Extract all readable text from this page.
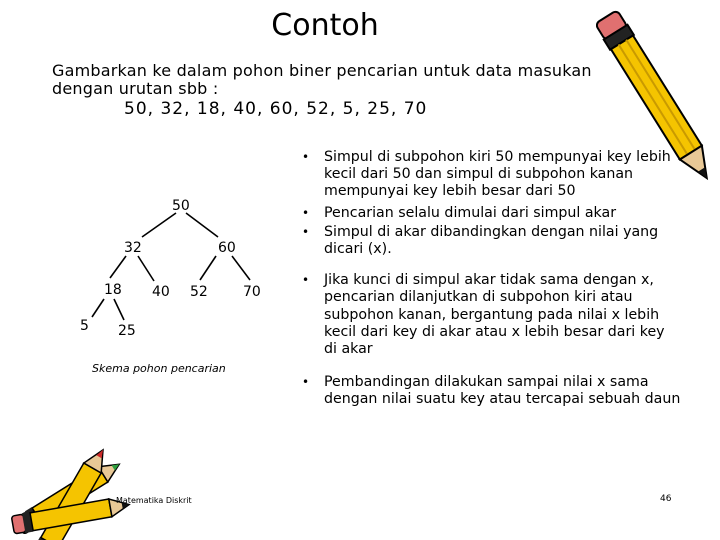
Contoh
Gambarkan ke dalam pohon biner pencarian untuk data masukan
dengan urutan sbb :
50, 32, 18, 40, 60, 52, 5, 25, 70
50
32	60
18 40 52	70
5 25
Skema pohon pencarian
• Simpul di subpohon kiri 50 mempunyai key lebih kecil dari 50 dan simpul di subpohon kanan mempunyai key lebih besar dari 50
• Pencarian selalu dimulai dari simpul akar
• Simpul di akar dibandingkan dengan nilai yang dicari (x).
• Jika kunci di simpul akar tidak sama dengan x, pencarian dilanjutkan di subpohon kiri atau subpohon kanan, bergantung pada nilai x lebih kecil dari key di akar atau x lebih besar dari key di akar
• Pembandingan dilakukan sampai nilai x sama dengan nilai suatu key atau tercapai sebuah daun
Matematika Diskrit	46
